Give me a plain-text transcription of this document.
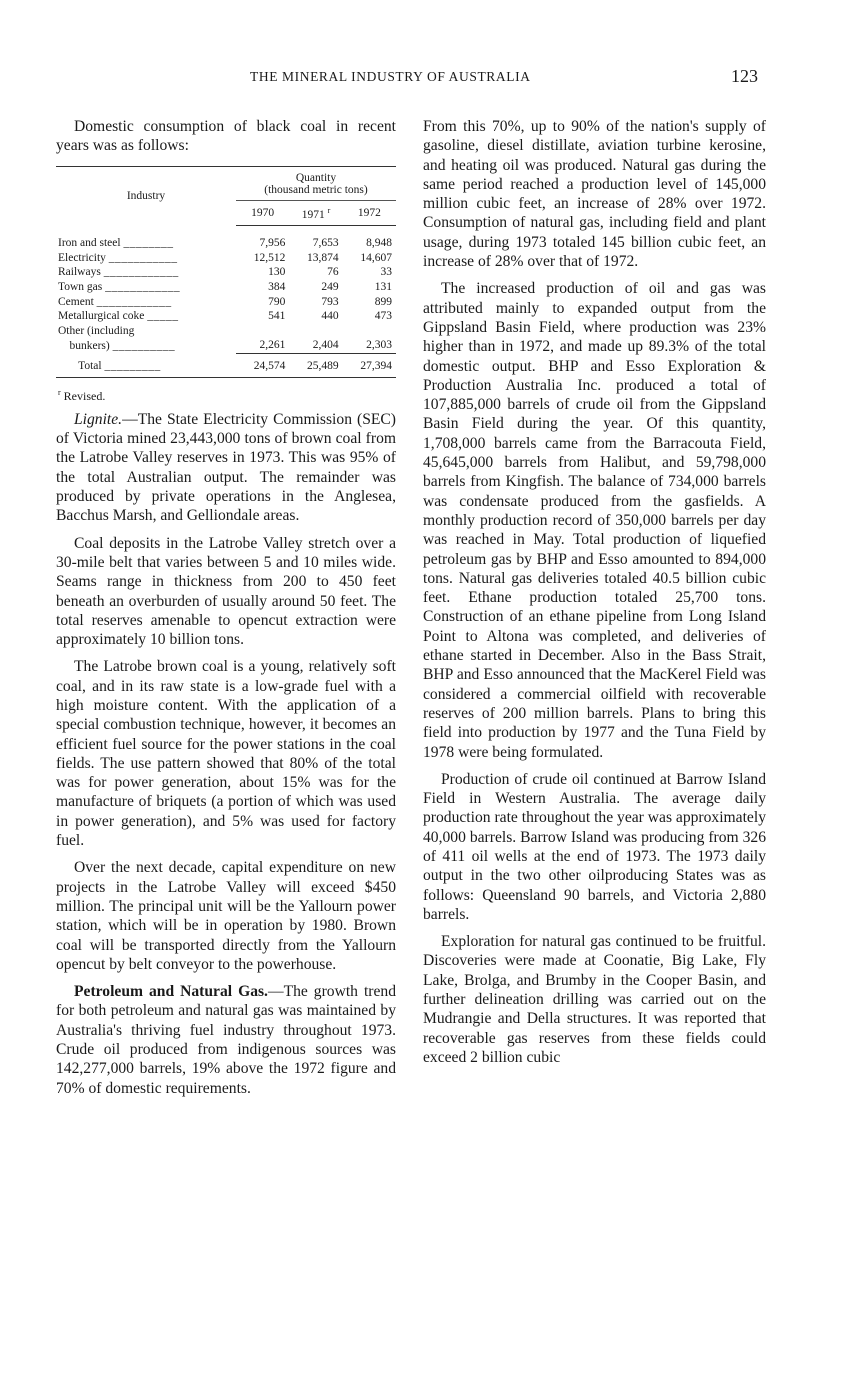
THE MINERAL INDUSTRY OF AUSTRALIA	123

Domestic consumption of black coal in recent years was as follows:

Industry	Quantity
(thousand metric tons)		
	1970	1971 $^r$	1972

Iron and steel ________	7,956	7,653	8,948
Electricity ___________	12,512	13,874	14,607
Railways ____________	130	76	33
Town gas ____________	384	249	131
Cement ____________	790	793	899
Metallurgical coke _____	541	440	473
Other (including			
bunkers) __________	2,261	2,404	2,303
Total _________	24,574	25,489	27,394

$^r$ Revised.

Lignite.—The State Electricity Commission (SEC) of Victoria mined 23,443,000 tons of brown coal from the Latrobe Valley reserves in 1973. This was 95% of the total Australian output. The remainder was produced by private operations in the Anglesea, Bacchus Marsh, and Gelliondale areas.

Coal deposits in the Latrobe Valley stretch over a 30-mile belt that varies between 5 and 10 miles wide. Seams range in thickness from 200 to 450 feet beneath an overburden of usually around 50 feet. The total reserves amenable to opencut extraction were approximately 10 billion tons.

The Latrobe brown coal is a young, relatively soft coal, and in its raw state is a low-grade fuel with a high moisture content. With the application of a special combustion technique, however, it becomes an efficient fuel source for the power stations in the coal fields. The use pattern showed that 80% of the total was for power generation, about 15% was for the manufacture of briquets (a portion of which was used in power generation), and 5% was used for factory fuel.

Over the next decade, capital expenditure on new projects in the Latrobe Valley will exceed $450 million. The principal unit will be the Yallourn power station, which will be in operation by 1980. Brown coal will be transported directly from the Yallourn opencut by belt conveyor to the powerhouse.

Petroleum and Natural Gas.—The growth trend for both petroleum and natural gas was maintained by Australia's thriving fuel industry throughout 1973. Crude oil produced from indigenous sources was 142,277,000 barrels, 19% above the 1972 figure and 70% of domestic requirements.

From this 70%, up to 90% of the nation's supply of gasoline, diesel distillate, aviation turbine kerosine, and heating oil was produced. Natural gas during the same period reached a production level of 145,000 million cubic feet, an increase of 28% over 1972. Consumption of natural gas, including field and plant usage, during 1973 totaled 145 billion cubic feet, an increase of 28% over that of 1972.

The increased production of oil and gas was attributed mainly to expanded output from the Gippsland Basin Field, where production was 23% higher than in 1972, and made up 89.3% of the total domestic output. BHP and Esso Exploration & Production Australia Inc. produced a total of 107,885,000 barrels of crude oil from the Gippsland Basin Field during the year. Of this quantity, 1,708,000 barrels came from the Barracouta Field, 45,645,000 barrels from Halibut, and 59,798,000 barrels from Kingfish. The balance of 734,000 barrels was condensate produced from the gasfields. A monthly production record of 350,000 barrels per day was reached in May. Total production of liquefied petroleum gas by BHP and Esso amounted to 894,000 tons. Natural gas deliveries totaled 40.5 billion cubic feet. Ethane production totaled 25,700 tons. Construction of an ethane pipeline from Long Island Point to Altona was completed, and deliveries of ethane started in December. Also in the Bass Strait, BHP and Esso announced that the MacKerel Field was considered a commercial oilfield with recoverable reserves of 200 million barrels. Plans to bring this field into production by 1977 and the Tuna Field by 1978 were being formulated.

Production of crude oil continued at Barrow Island Field in Western Australia. The average daily production rate throughout the year was approximately 40,000 barrels. Barrow Island was producing from 326 of 411 oil wells at the end of 1973. The 1973 daily output in the two other oilproducing States was as follows: Queensland 90 barrels, and Victoria 2,880 barrels.

Exploration for natural gas continued to be fruitful. Discoveries were made at Coonatie, Big Lake, Fly Lake, Brolga, and Brumby in the Cooper Basin, and further delineation drilling was carried out on the Mudrangie and Della structures. It was reported that recoverable gas reserves from these fields could exceed 2 billion cubic
